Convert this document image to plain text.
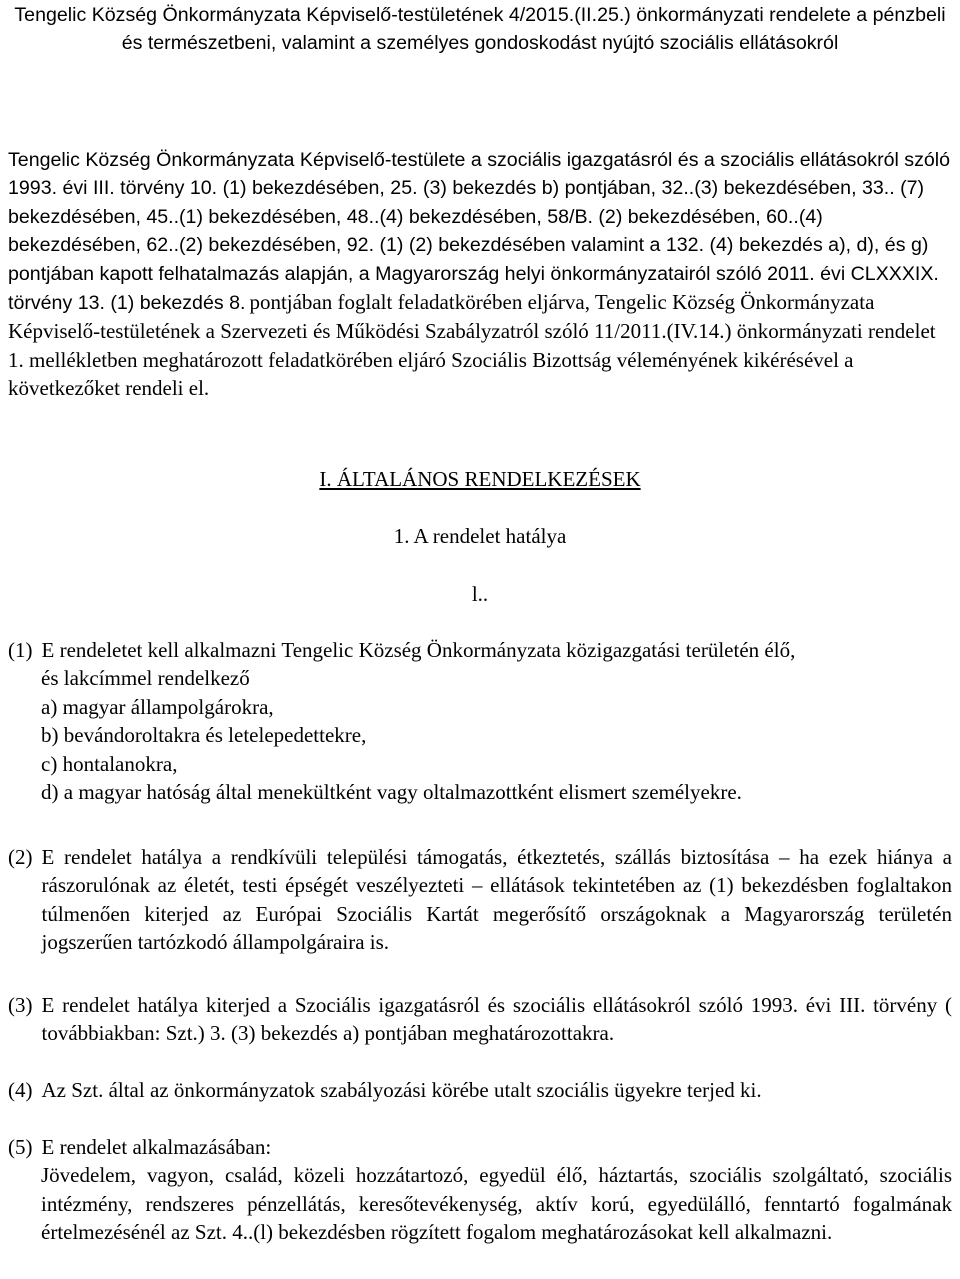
Tengelic Község Önkormányzata Képviselő-testületének 4/2015.(II.25.) önkormányzati rendelete a pénzbeli és természetbeni, valamint a személyes gondoskodást nyújtó szociális ellátásokról

Tengelic Község Önkormányzata Képviselő-testülete a szociális igazgatásról és a szociális ellátásokról szóló 1993. évi III. törvény 10. (1) bekezdésében, 25. (3) bekezdés b) pontjában, 32..(3) bekezdésében, 33.. (7) bekezdésében, 45..(1) bekezdésében, 48..(4) bekezdésében, 58/B. (2) bekezdésében, 60..(4) bekezdésében, 62..(2) bekezdésében, 92. (1) (2) bekezdésében valamint a 132. (4) bekezdés a), d), és g) pontjában kapott felhatalmazás alapján, a Magyarország helyi önkormányzatairól szóló 2011. évi CLXXXIX. törvény 13. (1) bekezdés 8. pontjában foglalt feladatkörében eljárva, Tengelic Község Önkormányzata Képviselő-testületének a Szervezeti és Működési Szabályzatról szóló 11/2011.(IV.14.) önkormányzati rendelet 1. mellékletben meghatározott feladatkörében eljáró Szociális Bizottság véleményének kikérésével a következőket rendeli el.

I. ÁLTALÁNOS RENDELKEZÉSEK

1. A rendelet hatálya

l..

(1) E rendeletet kell alkalmazni Tengelic Község Önkormányzata közigazgatási területén élő,
és lakcímmel rendelkező
a) magyar állampolgárokra,
b) bevándoroltakra és letelepedettekre,
c) hontalanokra,
d) a magyar hatóság által menekültként vagy oltalmazottként elismert személyekre.
(2) E rendelet hatálya a rendkívüli települési támogatás, étkeztetés, szállás biztosítása – ha ezek hiánya a rászorulónak az életét, testi épségét veszélyezteti – ellátások tekintetében az (1) bekezdésben foglaltakon túlmenően kiterjed az Európai Szociális Kartát megerősítő országoknak a Magyarország területén jogszerűen tartózkodó állampolgáraira is.
(3) E rendelet hatálya kiterjed a Szociális igazgatásról és szociális ellátásokról szóló 1993. évi III. törvény ( továbbiakban: Szt.) 3. (3) bekezdés a) pontjában meghatározottakra.
(4) Az Szt. által az önkormányzatok szabályozási körébe utalt szociális ügyekre terjed ki.
(5) E rendelet alkalmazásában:
Jövedelem, vagyon, család, közeli hozzátartozó, egyedül élő, háztartás, szociális szolgáltató, szociális intézmény, rendszeres pénzellátás, keresőtevékenység, aktív korú, egyedülálló, fenntartó fogalmának értelmezésénél az Szt. 4..(l) bekezdésben rögzített fogalom meghatározásokat kell alkalmazni.
